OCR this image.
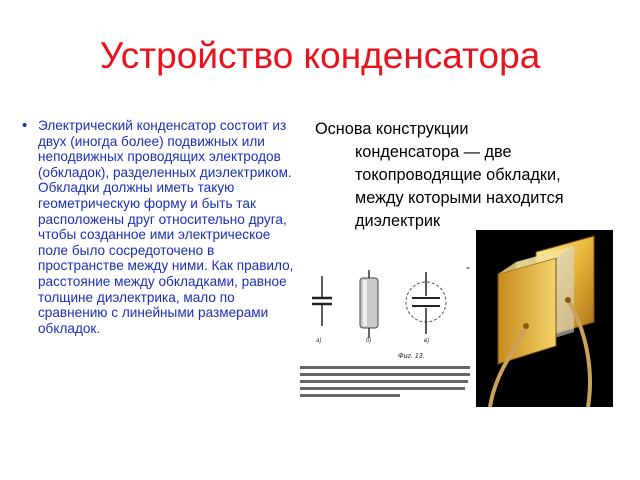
Устройство конденсатора
• Электрический конденсатор состоит из двух (иногда более) подвижных или неподвижных проводящих электродов (обкладок), разделенных диэлектриком. Обкладки должны иметь такую геометрическую форму и быть так расположены друг относительно друга, чтобы созданное ими электрическое поле было сосредоточено в пространстве между ними. Как правило, расстояние между обкладками, равное толщине диэлектрика, мало по сравнению с линейными размерами обкладок.
Основа конструкции
конденсатора — две
токопроводящие обкладки,
между которыми находится
диэлектрик
а)	б)	в)
Фиг. 13.
-
